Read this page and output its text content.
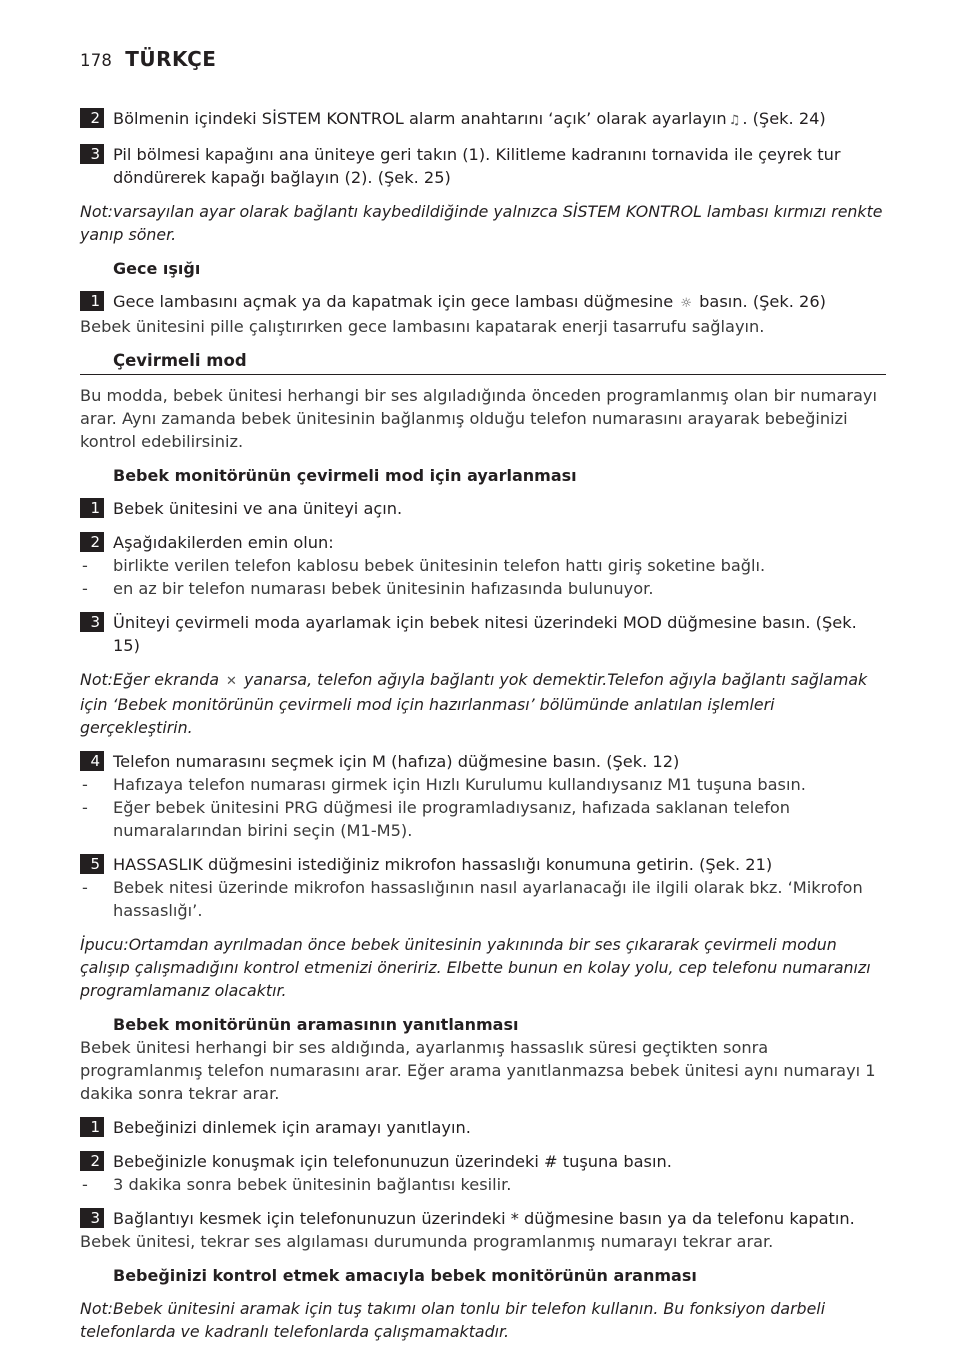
178 TÜRKÇE
2 Bölmenin içindeki SİSTEM KONTROL alarm anahtarını ‘açık’ olarak ayarlayın ♫ . (Şek. 24)
3 Pil bölmesi kapağını ana üniteye geri takın (1). Kilitleme kadranını tornavida ile çeyrek tur döndürerek kapağı bağlayın (2). (Şek. 25)
Not:varsayılan ayar olarak bağlantı kaybedildiğinde yalnızca SİSTEM KONTROL lambası kırmızı renkte yanıp söner.
Gece ışığı
1 Gece lambasını açmak ya da kapatmak için gece lambası düğmesine ☼ basın. (Şek. 26)
Bebek ünitesini pille çalıştırırken gece lambasını kapatarak enerji tasarrufu sağlayın.
Çevirmeli mod
Bu modda, bebek ünitesi herhangi bir ses algıladığında önceden programlanmış olan bir numarayı arar. Aynı zamanda bebek ünitesinin bağlanmış olduğu telefon numarasını arayarak bebeğinizi kontrol edebilirsiniz.
Bebek monitörünün çevirmeli mod için ayarlanması
1 Bebek ünitesini ve ana üniteyi açın.
2 Aşağıdakilerden emin olun:
- birlikte verilen telefon kablosu bebek ünitesinin telefon hattı giriş soketine bağlı.
- en az bir telefon numarası bebek ünitesinin hafızasında bulunuyor.
3 Üniteyi çevirmeli moda ayarlamak için bebek nitesi üzerindeki MOD düğmesine basın. (Şek. 15)
Not:Eğer ekranda ✕ yanarsa, telefon ağıyla bağlantı yok demektir.Telefon ağıyla bağlantı sağlamak için ‘Bebek monitörünün çevirmeli mod için hazırlanması’ bölümünde anlatılan işlemleri gerçekleştirin.
4 Telefon numarasını seçmek için M (hafıza) düğmesine basın. (Şek. 12)
- Hafızaya telefon numarası girmek için Hızlı Kurulumu kullandıysanız M1 tuşuna basın.
- Eğer bebek ünitesini PRG düğmesi ile programladıysanız, hafızada saklanan telefon numaralarından birini seçin (M1-M5).
5 HASSASLIK düğmesini istediğiniz mikrofon hassaslığı konumuna getirin. (Şek. 21)
- Bebek nitesi üzerinde mikrofon hassaslığının nasıl ayarlanacağı ile ilgili olarak bkz. ‘Mikrofon hassaslığı’.
İpucu:Ortamdan ayrılmadan önce bebek ünitesinin yakınında bir ses çıkararak çevirmeli modun çalışıp çalışmadığını kontrol etmenizi öneririz. Elbette bunun en kolay yolu, cep telefonu numaranızı programlamanız olacaktır.
Bebek monitörünün aramasının yanıtlanması
Bebek ünitesi herhangi bir ses aldığında, ayarlanmış hassaslık süresi geçtikten sonra programlanmış telefon numarasını arar. Eğer arama yanıtlanmazsa bebek ünitesi aynı numarayı 1 dakika sonra tekrar arar.
1 Bebeğinizi dinlemek için aramayı yanıtlayın.
2 Bebeğinizle konuşmak için telefonunuzun üzerindeki # tuşuna basın.
- 3 dakika sonra bebek ünitesinin bağlantısı kesilir.
3 Bağlantıyı kesmek için telefonunuzun üzerindeki * düğmesine basın ya da telefonu kapatın.
Bebek ünitesi, tekrar ses algılaması durumunda programlanmış numarayı tekrar arar.
Bebeğinizi kontrol etmek amacıyla bebek monitörünün aranması
Not:Bebek ünitesini aramak için tuş takımı olan tonlu bir telefon kullanın. Bu fonksiyon darbeli telefonlarda ve kadranlı telefonlarda çalışmamaktadır.
